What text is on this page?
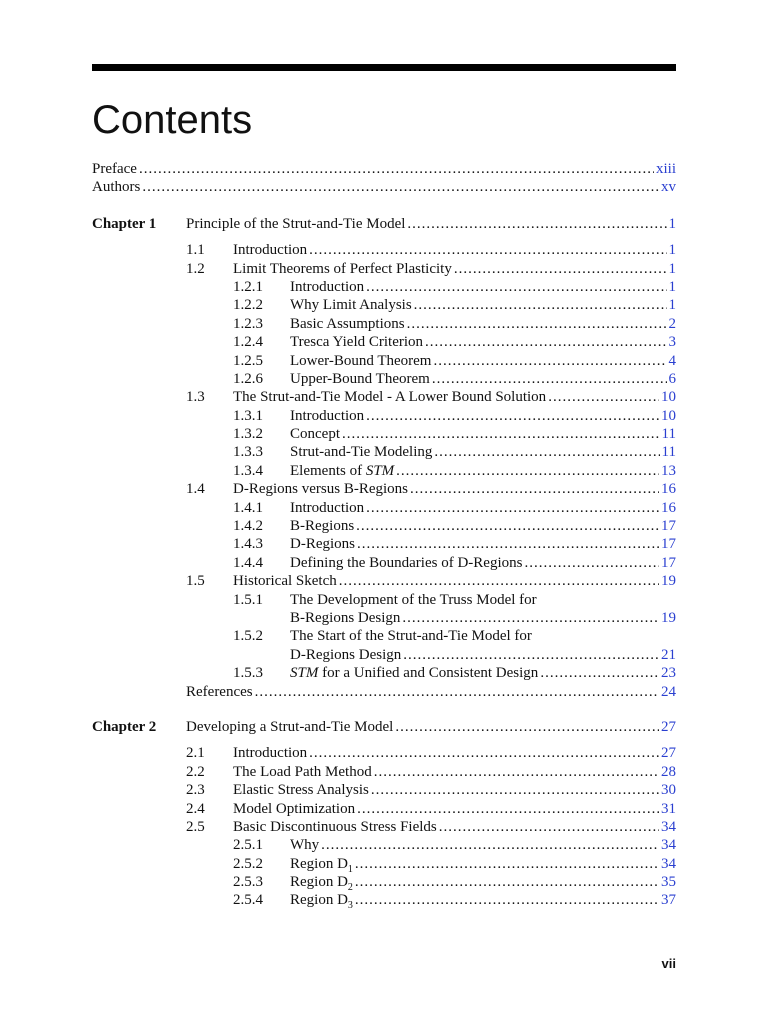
Contents
Preface .....	xiii
Authors .....	xv
Chapter 1	Principle of the Strut-and-Tie Model .....	1
1.1	Introduction .....	1
1.2	Limit Theorems of Perfect Plasticity .....	1
1.2.1	Introduction .....	1
1.2.2	Why Limit Analysis .....	1
1.2.3	Basic Assumptions .....	2
1.2.4	Tresca Yield Criterion .....	3
1.2.5	Lower-Bound Theorem .....	4
1.2.6	Upper-Bound Theorem .....	6
1.3	The Strut-and-Tie Model - A Lower Bound Solution .....	10
1.3.1	Introduction .....	10
1.3.2	Concept .....	11
1.3.3	Strut-and-Tie Modeling .....	11
1.3.4	Elements of STM .....	13
1.4	D-Regions versus B-Regions .....	16
1.4.1	Introduction .....	16
1.4.2	B-Regions .....	17
1.4.3	D-Regions .....	17
1.4.4	Defining the Boundaries of D-Regions .....	17
1.5	Historical Sketch .....	19
1.5.1	The Development of the Truss Model for
B-Regions Design .....	19
1.5.2	The Start of the Strut-and-Tie Model for
D-Regions Design .....	21
1.5.3	STM for a Unified and Consistent Design .....	23
References .....	24
Chapter 2	Developing a Strut-and-Tie Model .....	27
2.1	Introduction .....	27
2.2	The Load Path Method .....	28
2.3	Elastic Stress Analysis .....	30
2.4	Model Optimization .....	31
2.5	Basic Discontinuous Stress Fields .....	34
2.5.1	Why .....	34
2.5.2	Region $D_1$ .....	34
2.5.3	Region $D_2$ .....	35
2.5.4	Region $D_3$ .....	37
vii
